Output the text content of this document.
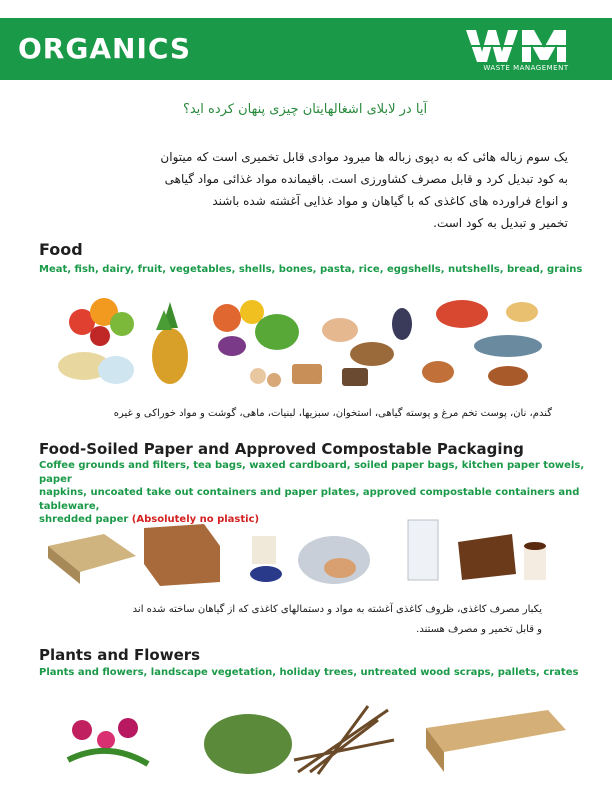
ORGANICS
WASTE MANAGEMENT
آیا در لابلای اشغالهایتان چیزی پنهان کرده اید؟
یک سوم زباله هائی که به دپوی زباله ها میرود موادی قابل تخمیری است که میتوان
به کود تبدیل کرد و قابل مصرف کشاورزی است. باقیمانده مواد غذائی مواد گیاهی
و انواع فراورده های کاغذی که با گیاهان و مواد غذایی آغشته شده باشند
تخمیر و تبدیل به کود است.
Food
Meat, fish, dairy, fruit, vegetables, shells, bones, pasta, rice, eggshells, nutshells, bread, grains
گندم، نان، پوست تخم مرغ و پوسته گیاهی، استخوان، سبزیها، لبنیات، ماهی، گوشت و مواد خوراکی و غیره
Food-Soiled Paper and Approved Compostable Packaging
Coffee grounds and filters, tea bags, waxed cardboard, soiled paper bags, kitchen paper towels, paper
napkins, uncoated take out containers and paper plates, approved compostable containers and tableware,
shredded paper (Absolutely no plastic)
یکبار مصرف کاغذی، ظروف کاغذی آغشته به مواد و دستمالهای کاغذی که از گیاهان ساخته شده اند
و قابل تخمیر و مصرف هستند.
Plants and Flowers
Plants and flowers, landscape vegetation, holiday trees, untreated wood scraps, pallets, crates
